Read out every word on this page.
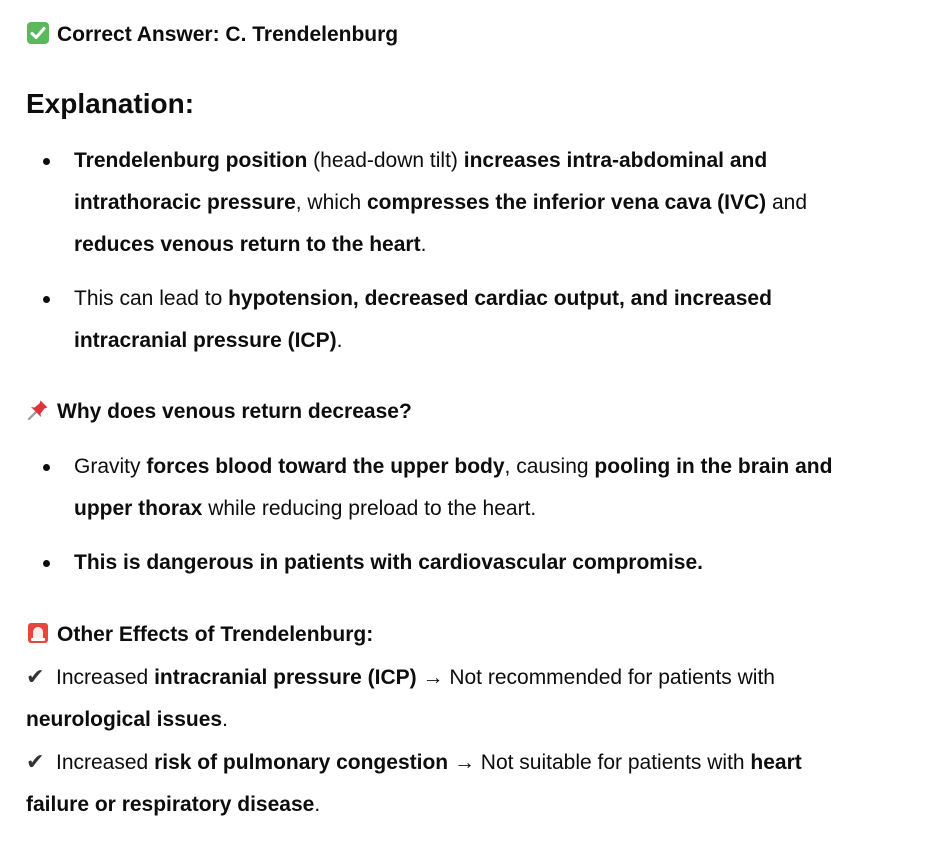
Correct Answer: C. Trendelenburg
Explanation:
Trendelenburg position (head-down tilt) increases intra-abdominal and
intrathoracic pressure, which compresses the inferior vena cava (IVC) and
reduces venous return to the heart.
This can lead to hypotension, decreased cardiac output, and increased
intracranial pressure (ICP).
Why does venous return decrease?
Gravity forces blood toward the upper body, causing pooling in the brain and
upper thorax while reducing preload to the heart.
This is dangerous in patients with cardiovascular compromise.
Other Effects of Trendelenburg:
✔ Increased intracranial pressure (ICP) → Not recommended for patients with
neurological issues.
✔ Increased risk of pulmonary congestion → Not suitable for patients with heart
failure or respiratory disease.
